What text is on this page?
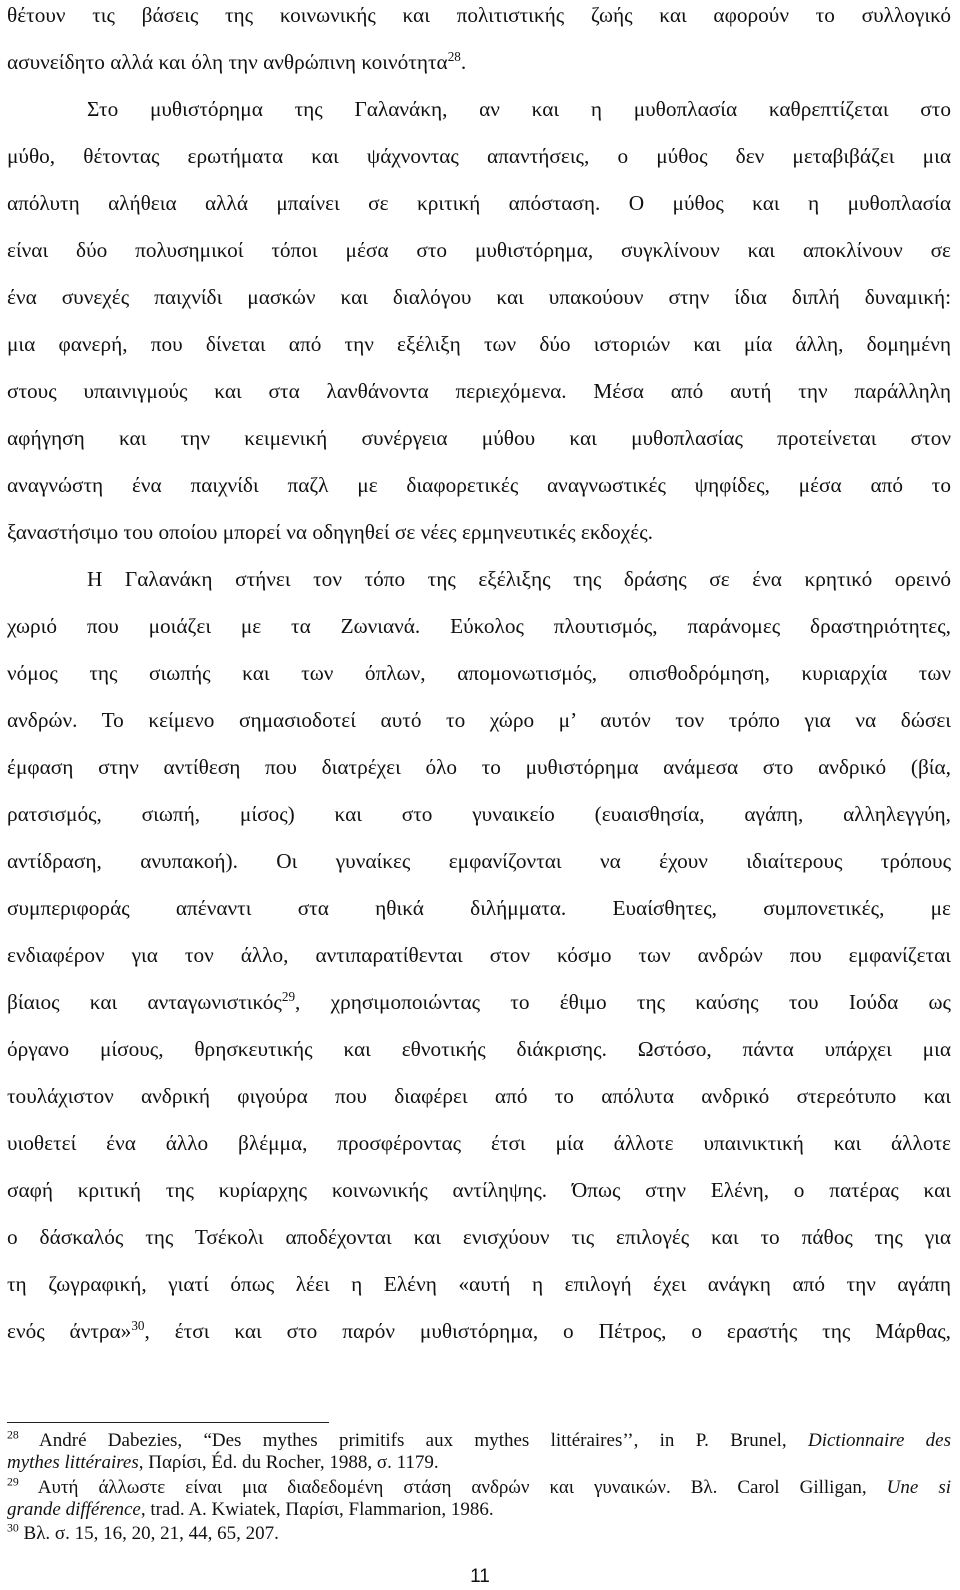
θέτουν τις βάσεις της κοινωνικής και πολιτιστικής ζωής και αφορούν το συλλογικό
ασυνείδητο αλλά και όλη την ανθρώπινη κοινότητα$^{28}$.
Στο μυθιστόρημα της Γαλανάκη, αν και η μυθοπλασία καθρεπτίζεται στο
μύθο, θέτοντας ερωτήματα και ψάχνοντας απαντήσεις, ο μύθος δεν μεταβιβάζει μια
απόλυτη αλήθεια αλλά μπαίνει σε κριτική απόσταση. Ο μύθος και η μυθοπλασία
είναι δύο πολυσημικοί τόποι μέσα στο μυθιστόρημα, συγκλίνουν και αποκλίνουν σε
ένα συνεχές παιχνίδι μασκών και διαλόγου και υπακούουν στην ίδια διπλή δυναμική:
μια φανερή, που δίνεται από την εξέλιξη των δύο ιστοριών και μία άλλη, δομημένη
στους υπαινιγμούς και στα λανθάνοντα περιεχόμενα. Μέσα από αυτή την παράλληλη
αφήγηση και την κειμενική συνέργεια μύθου και μυθοπλασίας προτείνεται στον
αναγνώστη ένα παιχνίδι παζλ με διαφορετικές αναγνωστικές ψηφίδες, μέσα από το
ξαναστήσιμο του οποίου μπορεί να οδηγηθεί σε νέες ερμηνευτικές εκδοχές.
Η Γαλανάκη στήνει τον τόπο της εξέλιξης της δράσης σε ένα κρητικό ορεινό
χωριό που μοιάζει με τα Ζωνιανά. Εύκολος πλουτισμός, παράνομες δραστηριότητες,
νόμος της σιωπής και των όπλων, απομονωτισμός, οπισθοδρόμηση, κυριαρχία των
ανδρών. Το κείμενο σημασιοδοτεί αυτό το χώρο μ’ αυτόν τον τρόπο για να δώσει
έμφαση στην αντίθεση που διατρέχει όλο το μυθιστόρημα ανάμεσα στο ανδρικό (βία,
ρατσισμός, σιωπή, μίσος) και στο γυναικείο (ευαισθησία, αγάπη, αλληλεγγύη,
αντίδραση, ανυπακοή). Οι γυναίκες εμφανίζονται να έχουν ιδιαίτερους τρόπους
συμπεριφοράς απέναντι στα ηθικά διλήμματα. Ευαίσθητες, συμπονετικές, με
ενδιαφέρον για τον άλλο, αντιπαρατίθενται στον κόσμο των ανδρών που εμφανίζεται
βίαιος και ανταγωνιστικός$^{29}$, χρησιμοποιώντας το έθιμο της καύσης του Ιούδα ως
όργανο μίσους, θρησκευτικής και εθνοτικής διάκρισης. Ωστόσο, πάντα υπάρχει μια
τουλάχιστον ανδρική φιγούρα που διαφέρει από το απόλυτα ανδρικό στερεότυπο και
υιοθετεί ένα άλλο βλέμμα, προσφέροντας έτσι μία άλλοτε υπαινικτική και άλλοτε
σαφή κριτική της κυρίαρχης κοινωνικής αντίληψης. Όπως στην Ελένη, ο πατέρας και
ο δάσκαλός της Τσέκολι αποδέχονται και ενισχύουν τις επιλογές και το πάθος της για
τη ζωγραφική, γιατί όπως λέει η Ελένη «αυτή η επιλογή έχει ανάγκη από την αγάπη
ενός άντρα»$^{30}$, έτσι και στο παρόν μυθιστόρημα, ο Πέτρος, ο εραστής της Μάρθας,
$^{28}$ André Dabezies, “Des mythes primitifs aux mythes littéraires’’, in P. Brunel, Dictionnaire des
mythes littéraires, Παρίσι, Éd. du Rocher, 1988, σ. 1179.
$^{29}$ Αυτή άλλωστε είναι μια διαδεδομένη στάση ανδρών και γυναικών. Βλ. Carol Gilligan, Une si
grande différence, trad. A. Kwiatek, Παρίσι, Flammarion, 1986.
$^{30}$ Βλ. σ. 15, 16, 20, 21, 44, 65, 207.
11
